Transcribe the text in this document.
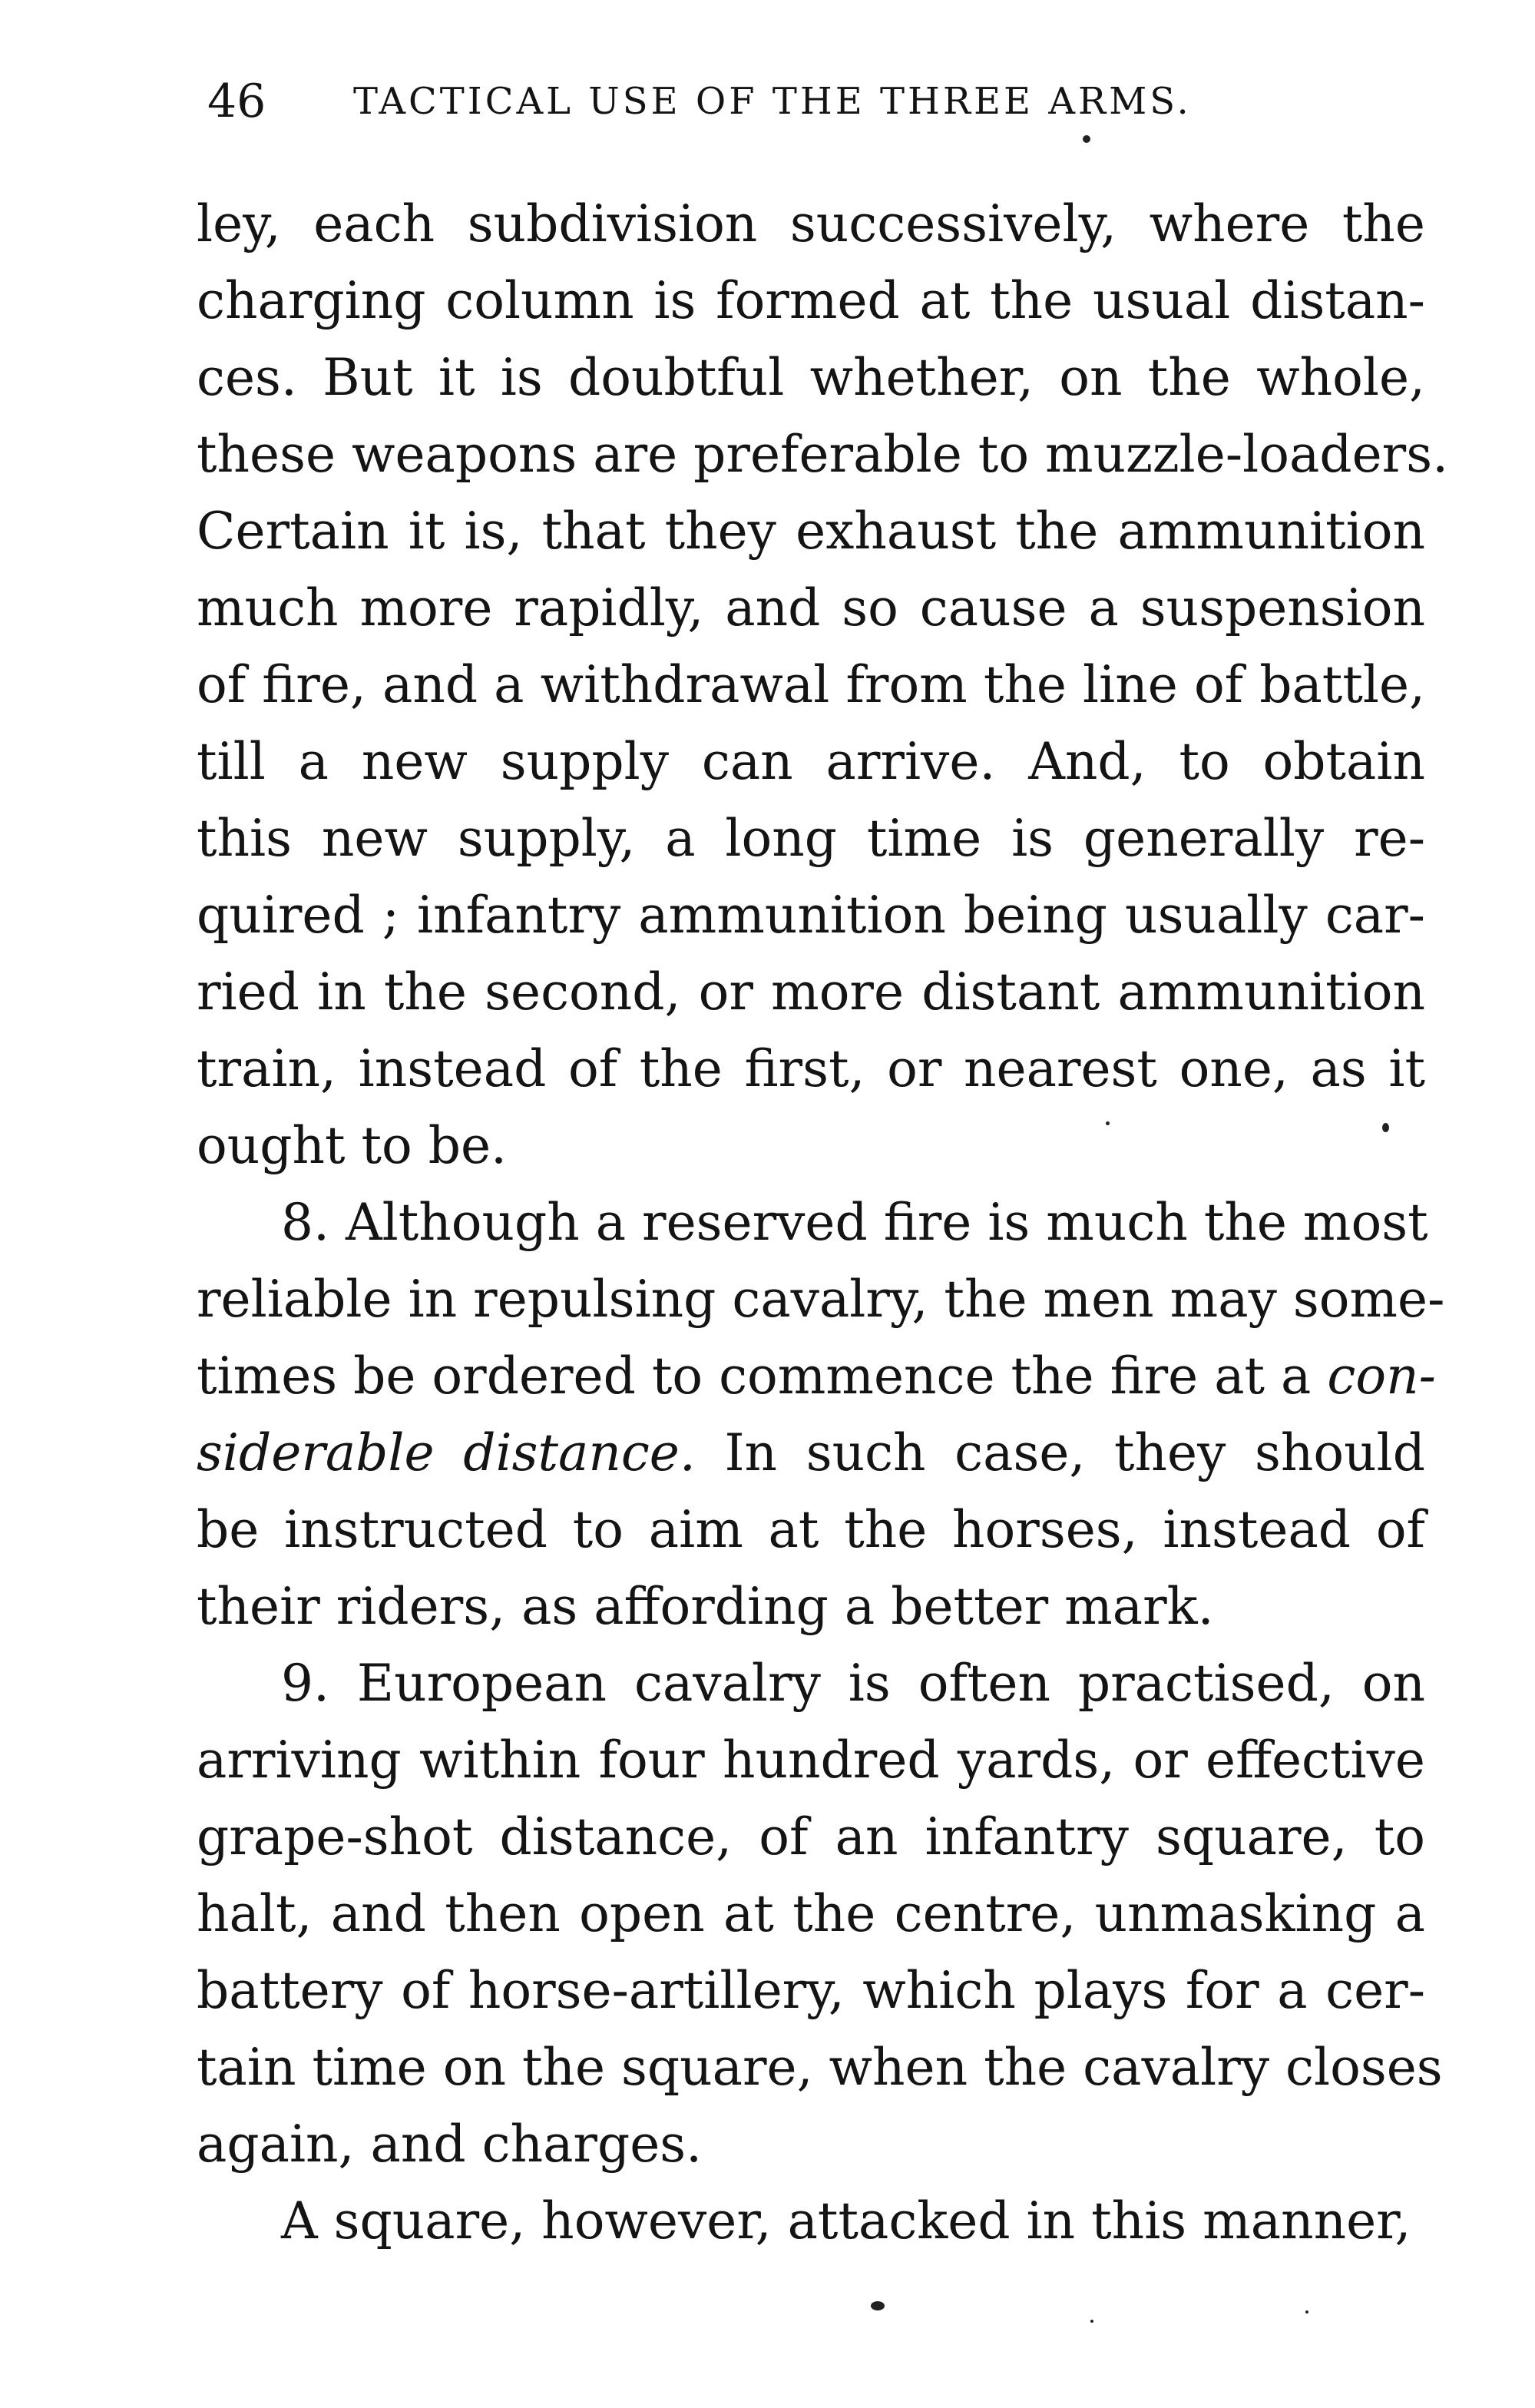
46 TACTICAL USE OF THE THREE ARMS.
ley, each subdivision successively, where the
charging column is formed at the usual distan-
ces. But it is doubtful whether, on the whole,
these weapons are preferable to muzzle-loaders.
Certain it is, that they exhaust the ammunition
much more rapidly, and so cause a suspension
of fire, and a withdrawal from the line of battle,
till a new supply can arrive. And, to obtain
this new supply, a long time is generally re-
quired ; infantry ammunition being usually car-
ried in the second, or more distant ammunition
train, instead of the first, or nearest one, as it
ought to be.
8. Although a reserved fire is much the most
reliable in repulsing cavalry, the men may some-
times be ordered to commence the fire at a con-
siderable distance. In such case, they should
be instructed to aim at the horses, instead of
their riders, as affording a better mark.
9. European cavalry is often practised, on
arriving within four hundred yards, or effective
grape-shot distance, of an infantry square, to
halt, and then open at the centre, unmasking a
battery of horse-artillery, which plays for a cer-
tain time on the square, when the cavalry closes
again, and charges.
A square, however, attacked in this manner,
